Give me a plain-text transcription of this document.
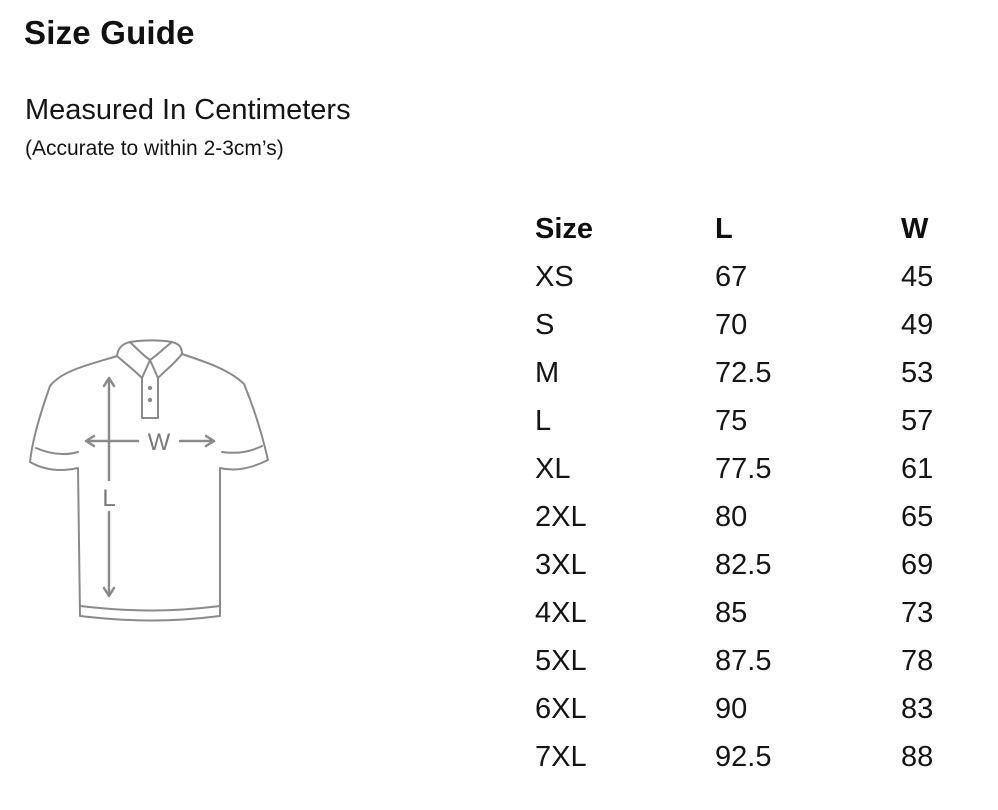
Size Guide

Measured In Centimeters

(Accurate to within 2-3cm’s)

L
W
Size	L	W
XS	67	45
S	70	49
M	72.5	53
L	75	57
XL	77.5	61
2XL	80	65
3XL	82.5	69
4XL	85	73
5XL	87.5	78
6XL	90	83
7XL	92.5	88
